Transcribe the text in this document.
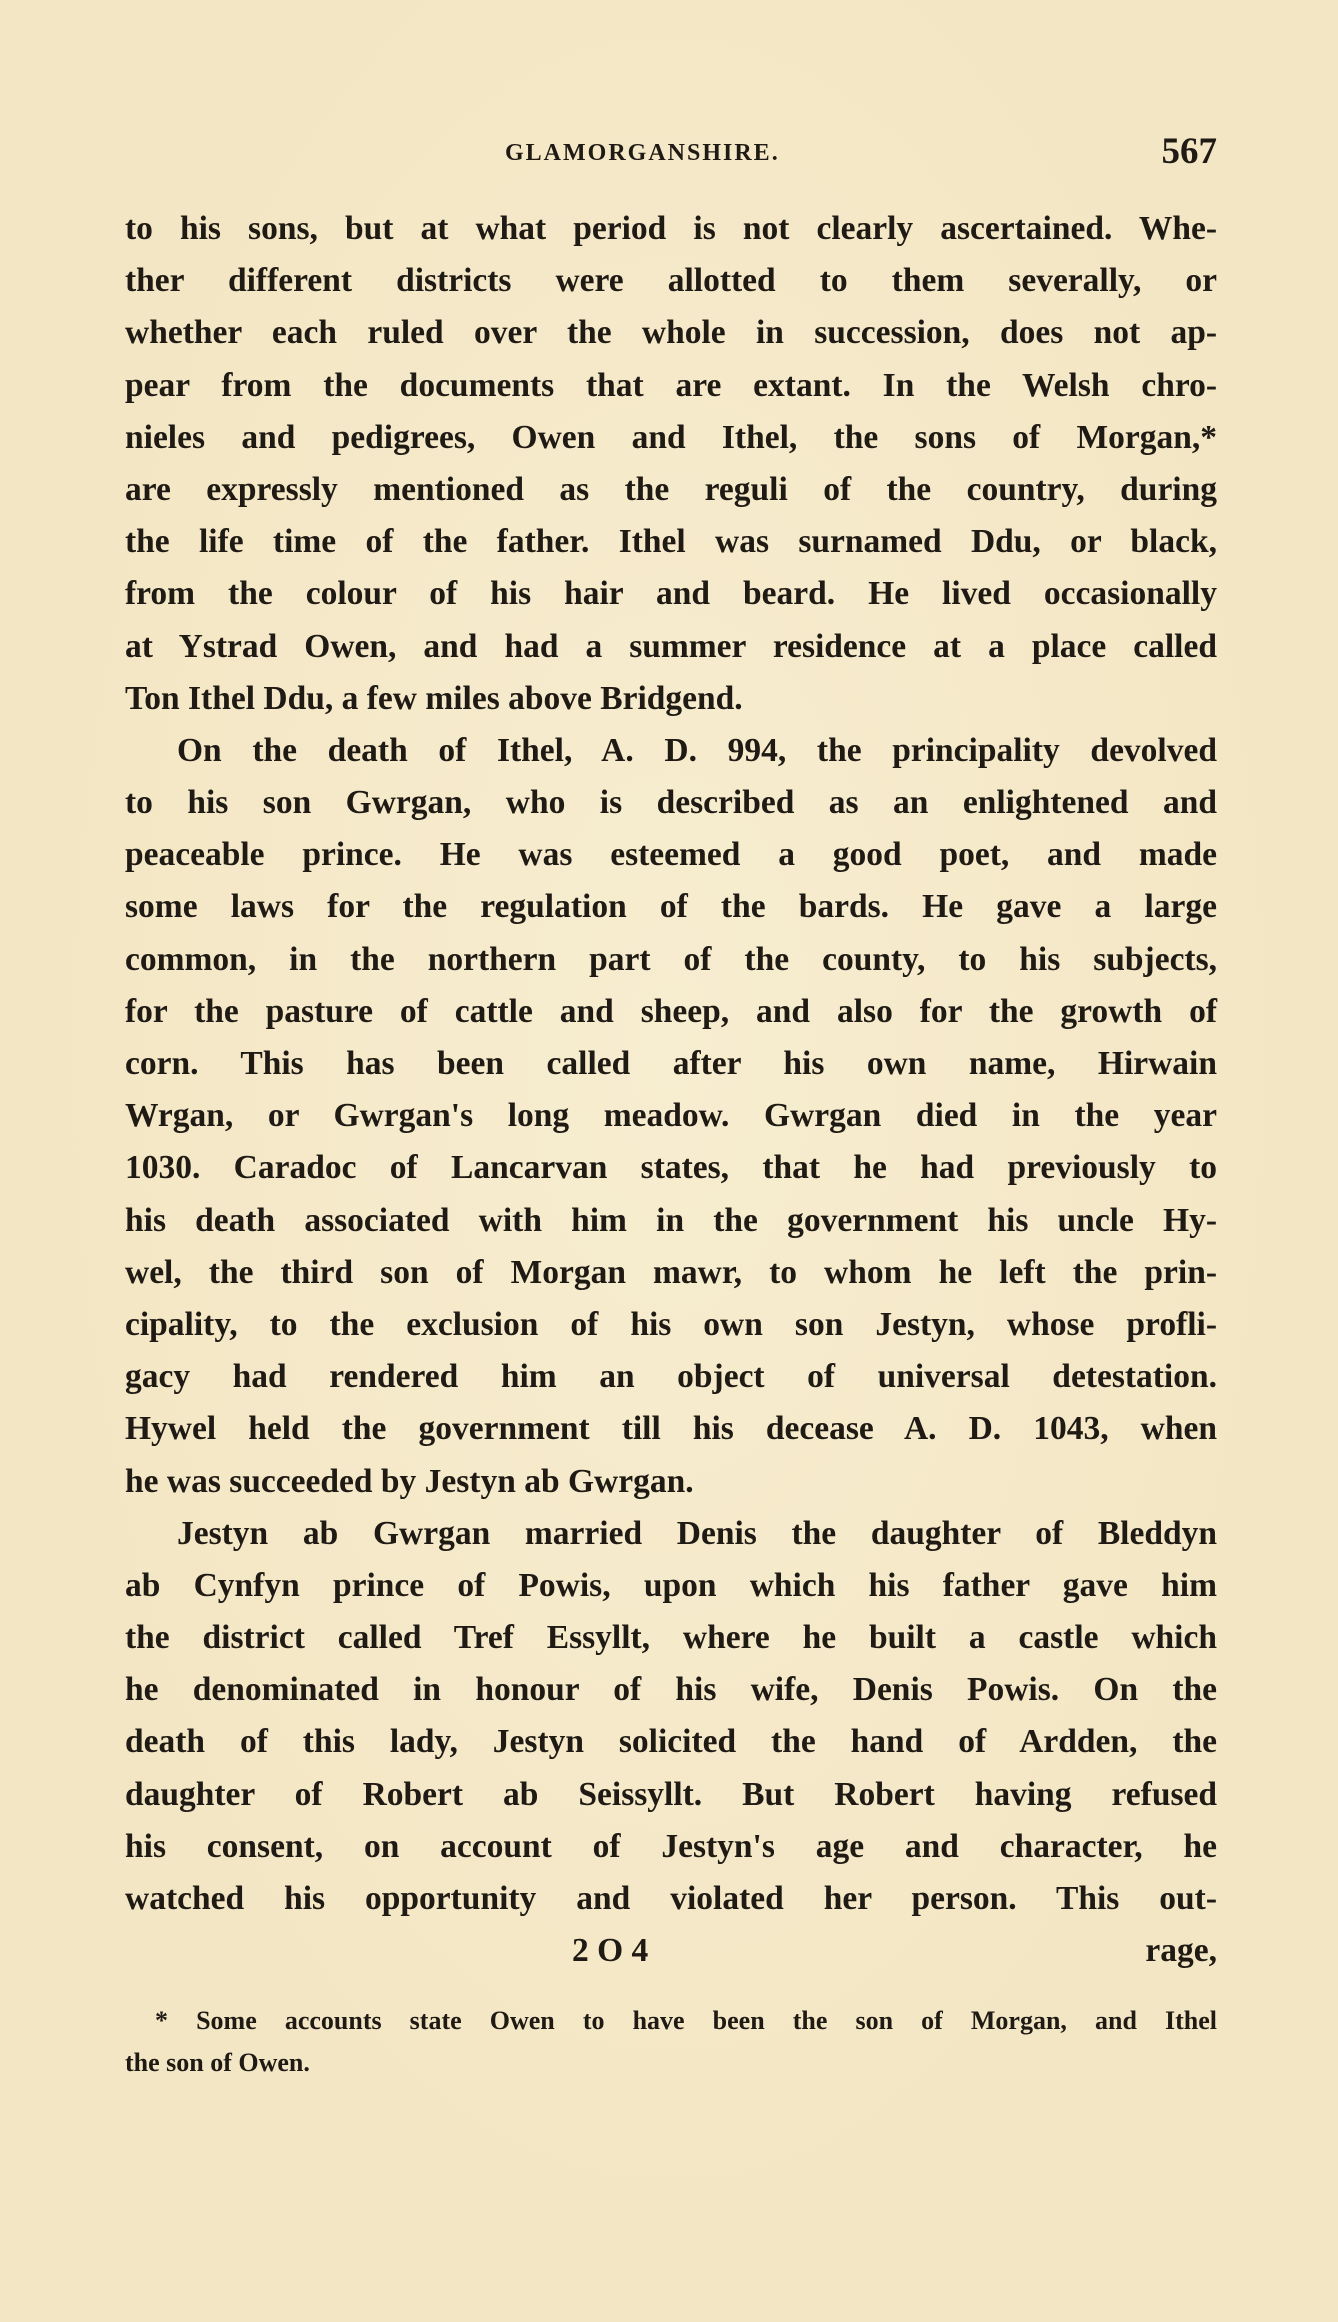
GLAMORGANSHIRE.	567
to his sons, but at what period is not clearly ascertained. Whe-
ther different districts were allotted to them severally, or
whether each ruled over the whole in succession, does not ap-
pear from the documents that are extant. In the Welsh chro-
nieles and pedigrees, Owen and Ithel, the sons of Morgan,*
are expressly mentioned as the reguli of the country, during
the life time of the father. Ithel was surnamed Ddu, or black,
from the colour of his hair and beard. He lived occasionally
at Ystrad Owen, and had a summer residence at a place called
Ton Ithel Ddu, a few miles above Bridgend.
On the death of Ithel, A. D. 994, the principality devolved
to his son Gwrgan, who is described as an enlightened and
peaceable prince. He was esteemed a good poet, and made
some laws for the regulation of the bards. He gave a large
common, in the northern part of the county, to his subjects,
for the pasture of cattle and sheep, and also for the growth of
corn. This has been called after his own name, Hirwain
Wrgan, or Gwrgan's long meadow. Gwrgan died in the year
1030. Caradoc of Lancarvan states, that he had previously to
his death associated with him in the government his uncle Hy-
wel, the third son of Morgan mawr, to whom he left the prin-
cipality, to the exclusion of his own son Jestyn, whose profli-
gacy had rendered him an object of universal detestation.
Hywel held the government till his decease A. D. 1043, when
he was succeeded by Jestyn ab Gwrgan.
Jestyn ab Gwrgan married Denis the daughter of Bleddyn
ab Cynfyn prince of Powis, upon which his father gave him
the district called Tref Essyllt, where he built a castle which
he denominated in honour of his wife, Denis Powis. On the
death of this lady, Jestyn solicited the hand of Ardden, the
daughter of Robert ab Seissyllt. But Robert having refused
his consent, on account of Jestyn's age and character, he
watched his opportunity and violated her person. This out-
2 O 4	rage,
* Some accounts state Owen to have been the son of Morgan, and Ithel
the son of Owen.
